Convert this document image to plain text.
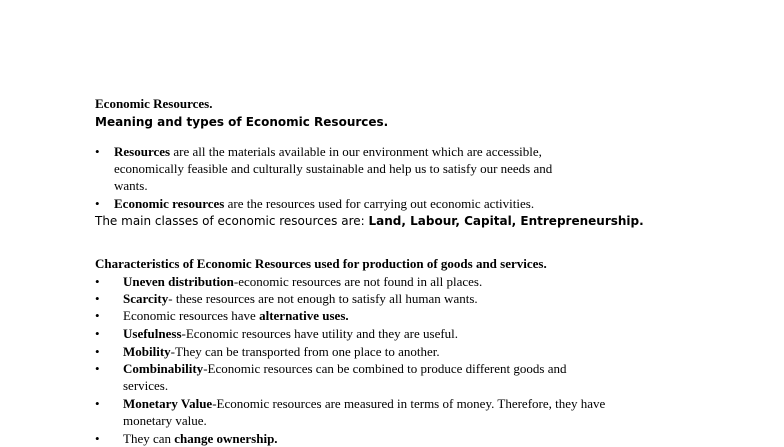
Economic Resources.
Meaning and types of Economic Resources.
• Resources are all the materials available in our environment which are accessible,
economically feasible and culturally sustainable and help us to satisfy our needs and
wants.
• Economic resources are the resources used for carrying out economic activities.
The main classes of economic resources are: Land, Labour, Capital, Entrepreneurship.
Characteristics of Economic Resources used for production of goods and services.
• Uneven distribution-economic resources are not found in all places.
• Scarcity- these resources are not enough to satisfy all human wants.
• Economic resources have alternative uses.
• Usefulness-Economic resources have utility and they are useful.
• Mobility-They can be transported from one place to another.
• Combinability-Economic resources can be combined to produce different goods and
services.
• Monetary Value-Economic resources are measured in terms of money. Therefore, they have
monetary value.
• They can change ownership.
